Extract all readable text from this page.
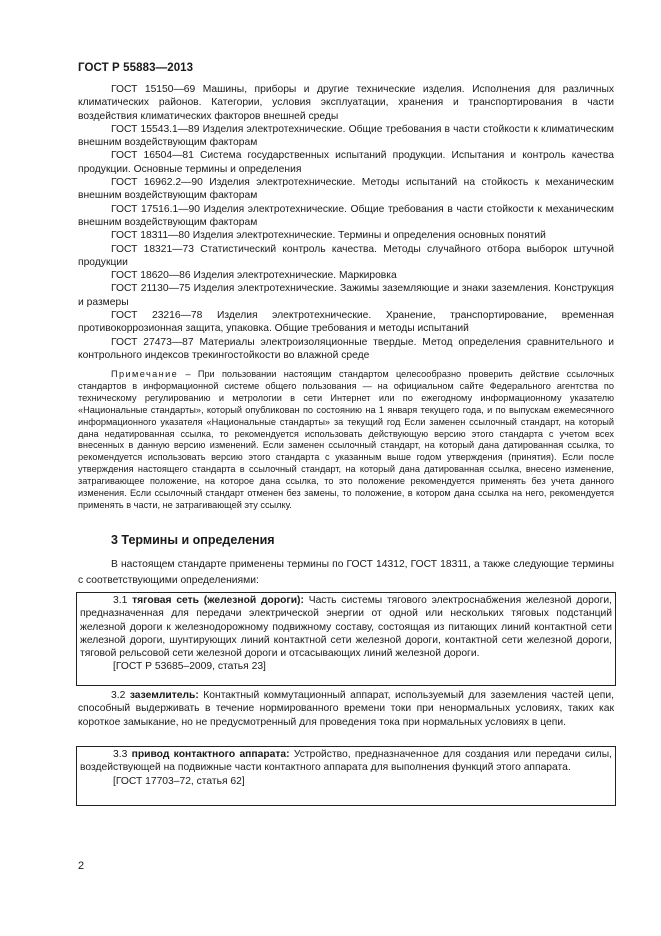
ГОСТ Р 55883—2013

ГОСТ 15150—69 Машины, приборы и другие технические изделия. Исполнения для различных климатических районов. Категории, условия эксплуатации, хранения и транспортирования в части воздействия климатических факторов внешней среды

ГОСТ 15543.1—89 Изделия электротехнические. Общие требования в части стойкости к климатическим внешним воздействующим факторам

ГОСТ 16504—81 Система государственных испытаний продукции. Испытания и контроль качества продукции. Основные термины и определения

ГОСТ 16962.2—90 Изделия электротехнические. Методы испытаний на стойкость к механическим внешним воздействующим факторам

ГОСТ 17516.1—90 Изделия электротехнические. Общие требования в части стойкости к механическим внешним воздействующим факторам

ГОСТ 18311—80 Изделия электротехнические. Термины и определения основных понятий

ГОСТ 18321—73 Статистический контроль качества. Методы случайного отбора выборок штучной продукции

ГОСТ 18620—86 Изделия электротехнические. Маркировка

ГОСТ 21130—75 Изделия электротехнические. Зажимы заземляющие и знаки заземления. Конструкция и размеры

ГОСТ 23216—78 Изделия электротехнические. Хранение, транспортирование, временная противокоррозионная защита, упаковка. Общие требования и методы испытаний

ГОСТ 27473—87 Материалы электроизоляционные твердые. Метод определения сравнительного и контрольного индексов трекингостойкости во влажной среде

Примечание – При пользовании настоящим стандартом целесообразно проверить действие ссылочных стандартов в информационной системе общего пользования — на официальном сайте Федерального агентства по техническому регулированию и метрологии в сети Интернет или по ежегодному информационному указателю «Национальные стандарты», который опубликован по состоянию на 1 января текущего года, и по выпускам ежемесячного информационного указателя «Национальные стандарты» за текущий год Если заменен ссылочный стандарт, на который дана недатированная ссылка, то рекомендуется использовать действующую версию этого стандарта с учетом всех внесенных в данную версию изменений. Если заменен ссылочный стандарт, на который дана датированная ссылка, то рекомендуется использовать версию этого стандарта с указанным выше годом утверждения (принятия). Если после утверждения настоящего стандарта в ссылочный стандарт, на который дана датированная ссылка, внесено изменение, затрагивающее положение, на которое дана ссылка, то это положение рекомендуется применять без учета данного изменения. Если ссылочный стандарт отменен без замены, то положение, в котором дана ссылка на него, рекомендуется применять в части, не затрагивающей эту ссылку.

3 Термины и определения

В настоящем стандарте применены термины по ГОСТ 14312, ГОСТ 18311, а также следующие термины с соответствующими определениями:

3.1 тяговая сеть (железной дороги): Часть системы тягового электроснабжения железной дороги, предназначенная для передачи электрической энергии от одной или нескольких тяговых подстанций железной дороги к железнодорожному подвижному составу, состоящая из питающих линий контактной сети железной дороги, шунтирующих линий контактной сети железной дороги, контактной сети железной дороги, тяговой рельсовой сети железной дороги и отсасывающих линий железной дороги.

[ГОСТ Р 53685–2009, статья 23]

3.2 заземлитель: Контактный коммутационный аппарат, используемый для заземления частей цепи, способный выдерживать в течение нормированного времени токи при ненормальных условиях, таких как короткое замыкание, но не предусмотренный для проведения тока при нормальных условиях в цепи.

3.3 привод контактного аппарата: Устройство, предназначенное для создания или передачи силы, воздействующей на подвижные части контактного аппарата для выполнения функций этого аппарата.

[ГОСТ 17703–72, статья 62]

2
